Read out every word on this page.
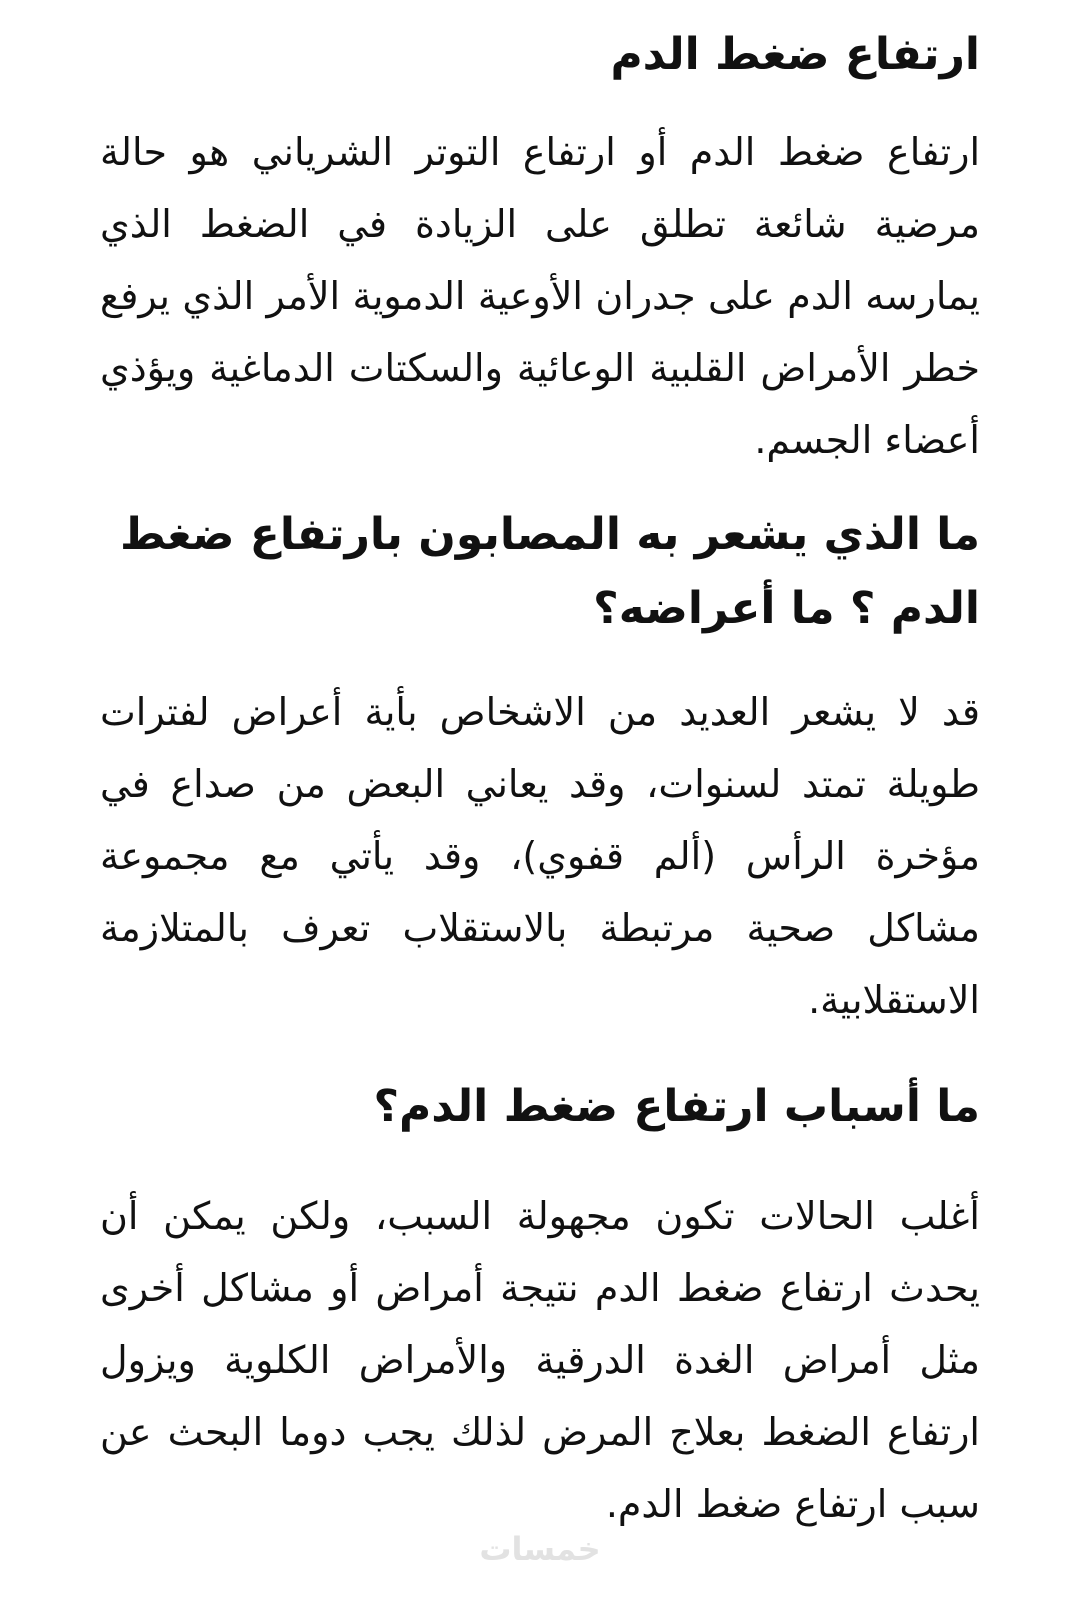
ارتفاع ضغط الدم

ارتفاع ضغط الدم أو ارتفاع التوتر الشرياني هو حالة مرضية شائعة تطلق على الزيادة في الضغط الذي يمارسه الدم على جدران الأوعية الدموية الأمر الذي يرفع خطر الأمراض القلبية الوعائية والسكتات الدماغية ويؤذي أعضاء الجسم.

ما الذي يشعر به المصابون بارتفاع ضغط الدم ؟ ما أعراضه؟

قد لا يشعر العديد من الاشخاص بأية أعراض لفترات طويلة تمتد لسنوات، وقد يعاني البعض من صداع في مؤخرة الرأس (ألم قفوي)، وقد يأتي مع مجموعة مشاكل صحية مرتبطة بالاستقلاب تعرف بالمتلازمة الاستقلابية.

ما أسباب ارتفاع ضغط الدم؟

أغلب الحالات تكون مجهولة السبب، ولكن يمكن أن يحدث ارتفاع ضغط الدم نتيجة أمراض أو مشاكل أخرى مثل أمراض الغدة الدرقية والأمراض الكلوية ويزول ارتفاع الضغط بعلاج المرض لذلك يجب دوما البحث عن سبب ارتفاع ضغط الدم.

خمسات
